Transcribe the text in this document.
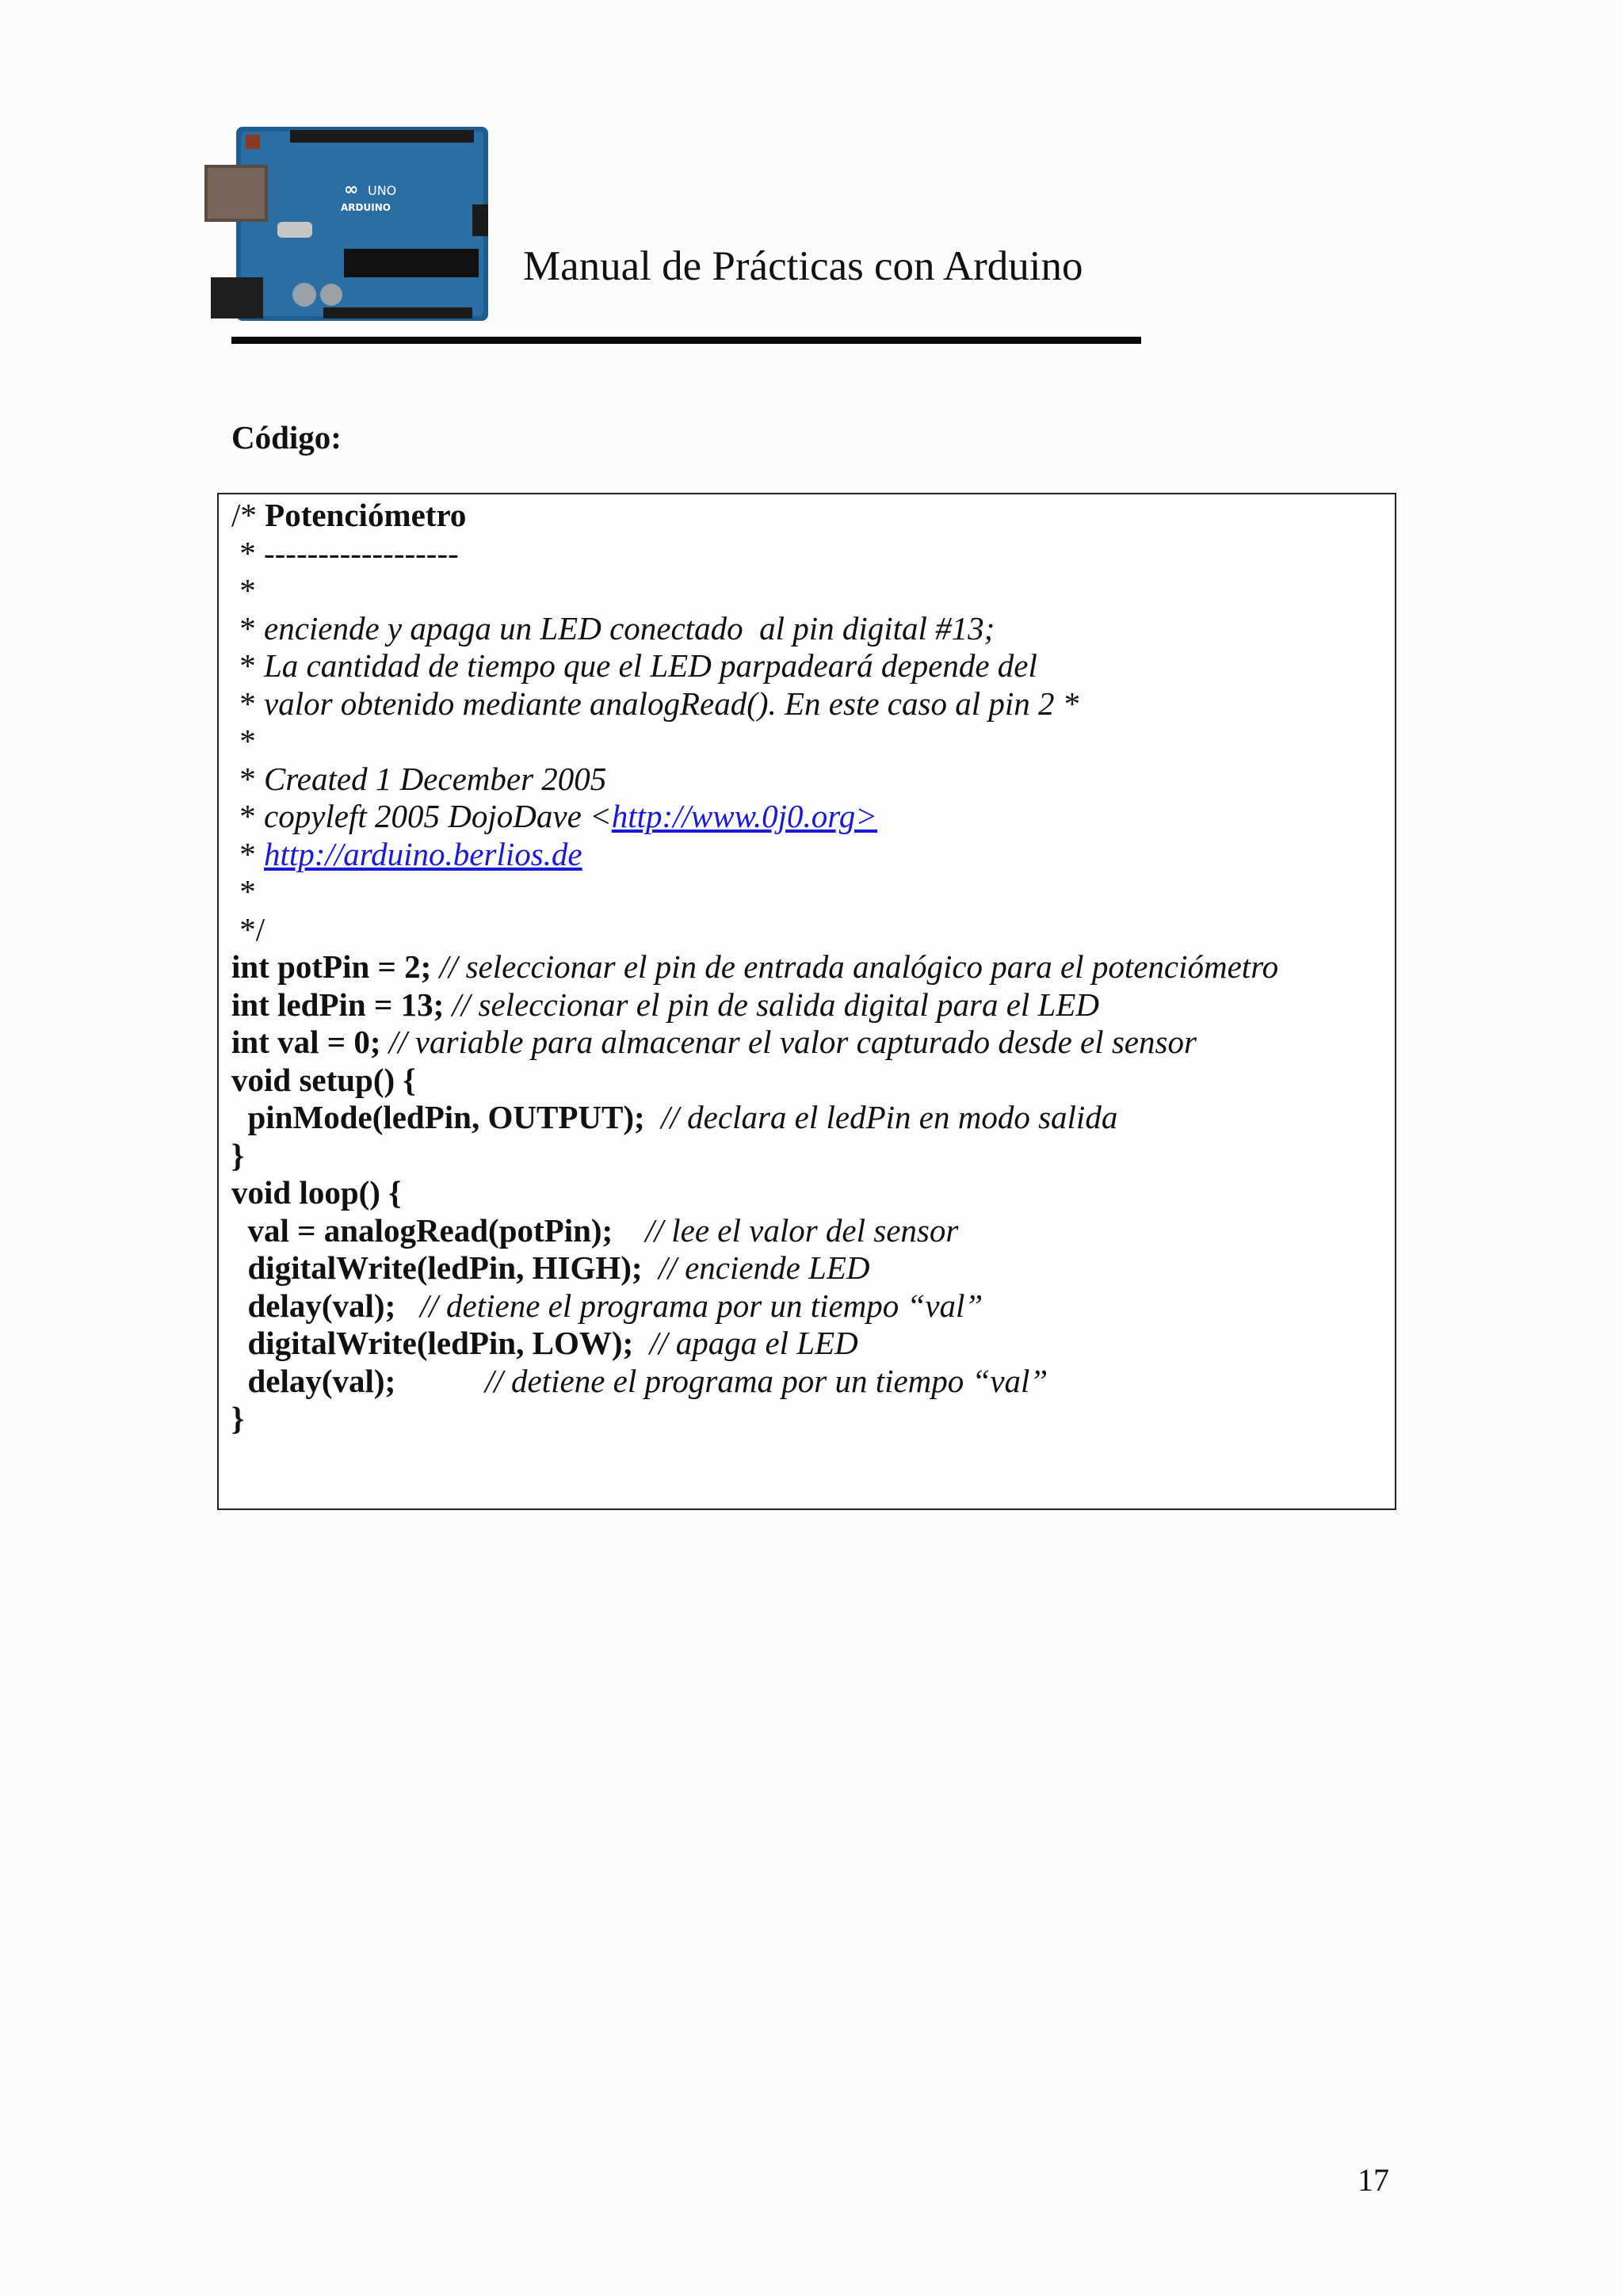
∞ UNO
ARDUINO
Manual de Prácticas con Arduino
Código:
/* Potenciómetro
* ------------------
*
* enciende y apaga un LED conectado  al pin digital #13;
* La cantidad de tiempo que el LED parpadeará depende del
* valor obtenido mediante analogRead(). En este caso al pin 2 *
*
* Created 1 December 2005
* copyleft 2005 DojoDave <http://www.0j0.org>
* http://arduino.berlios.de
*
*/
int potPin = 2; // seleccionar el pin de entrada analógico para el potenciómetro
int ledPin = 13; // seleccionar el pin de salida digital para el LED
int val = 0; // variable para almacenar el valor capturado desde el sensor
void setup() {
pinMode(ledPin, OUTPUT);  // declara el ledPin en modo salida
}
void loop() {
val = analogRead(potPin);    // lee el valor del sensor
digitalWrite(ledPin, HIGH);  // enciende LED
delay(val);   // detiene el programa por un tiempo “val”
digitalWrite(ledPin, LOW);  // apaga el LED
delay(val);           // detiene el programa por un tiempo “val”
}
17
